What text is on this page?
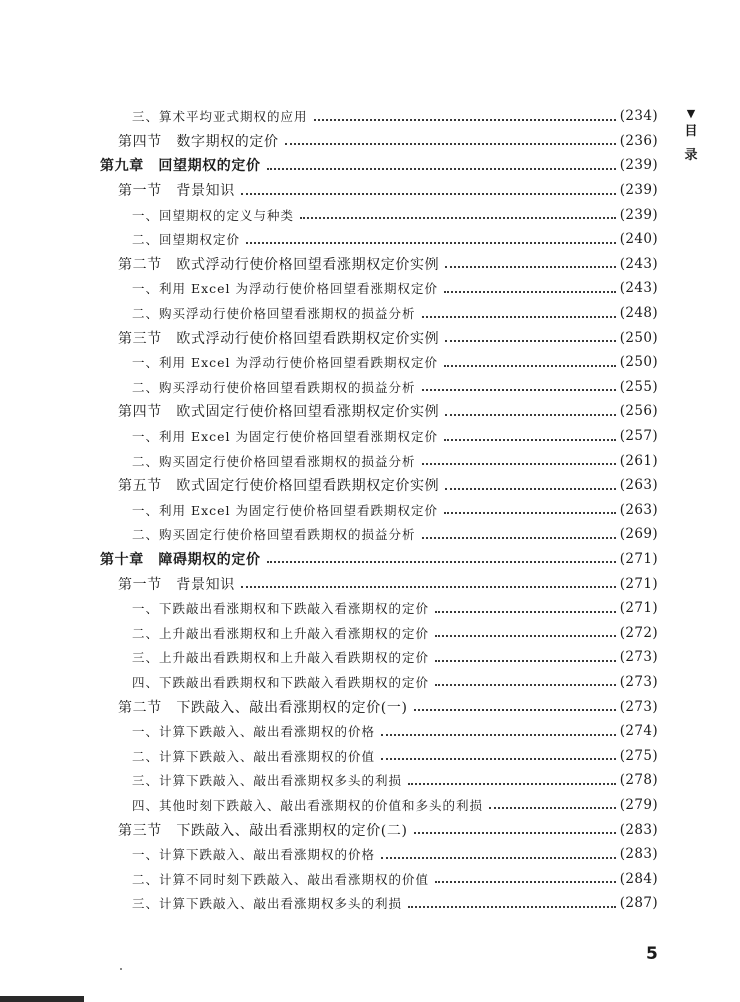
三、算术平均亚式期权的应用	(234)
第四节　数字期权的定价	(236)
第九章　回望期权的定价	(239)
第一节　背景知识	(239)
一、回望期权的定义与种类	(239)
二、回望期权定价	(240)
第二节　欧式浮动行使价格回望看涨期权定价实例	(243)
一、利用 Excel 为浮动行使价格回望看涨期权定价	(243)
二、购买浮动行使价格回望看涨期权的损益分析	(248)
第三节　欧式浮动行使价格回望看跌期权定价实例	(250)
一、利用 Excel 为浮动行使价格回望看跌期权定价	(250)
二、购买浮动行使价格回望看跌期权的损益分析	(255)
第四节　欧式固定行使价格回望看涨期权定价实例	(256)
一、利用 Excel 为固定行使价格回望看涨期权定价	(257)
二、购买固定行使价格回望看涨期权的损益分析	(261)
第五节　欧式固定行使价格回望看跌期权定价实例	(263)
一、利用 Excel 为固定行使价格回望看跌期权定价	(263)
二、购买固定行使价格回望看跌期权的损益分析	(269)
第十章　障碍期权的定价	(271)
第一节　背景知识	(271)
一、下跌敲出看涨期权和下跌敲入看涨期权的定价	(271)
二、上升敲出看涨期权和上升敲入看涨期权的定价	(272)
三、上升敲出看跌期权和上升敲入看跌期权的定价	(273)
四、下跌敲出看跌期权和下跌敲入看跌期权的定价	(273)
第二节　下跌敲入、敲出看涨期权的定价(一)	(273)
一、计算下跌敲入、敲出看涨期权的价格	(274)
二、计算下跌敲入、敲出看涨期权的价值	(275)
三、计算下跌敲入、敲出看涨期权多头的利损	(278)
四、其他时刻下跌敲入、敲出看涨期权的价值和多头的利损	(279)
第三节　下跌敲入、敲出看涨期权的定价(二)	(283)
一、计算下跌敲入、敲出看涨期权的价格	(283)
二、计算不同时刻下跌敲入、敲出看涨期权的价值	(284)
三、计算下跌敲入、敲出看涨期权多头的利损	(287)
▼
目
录
5
